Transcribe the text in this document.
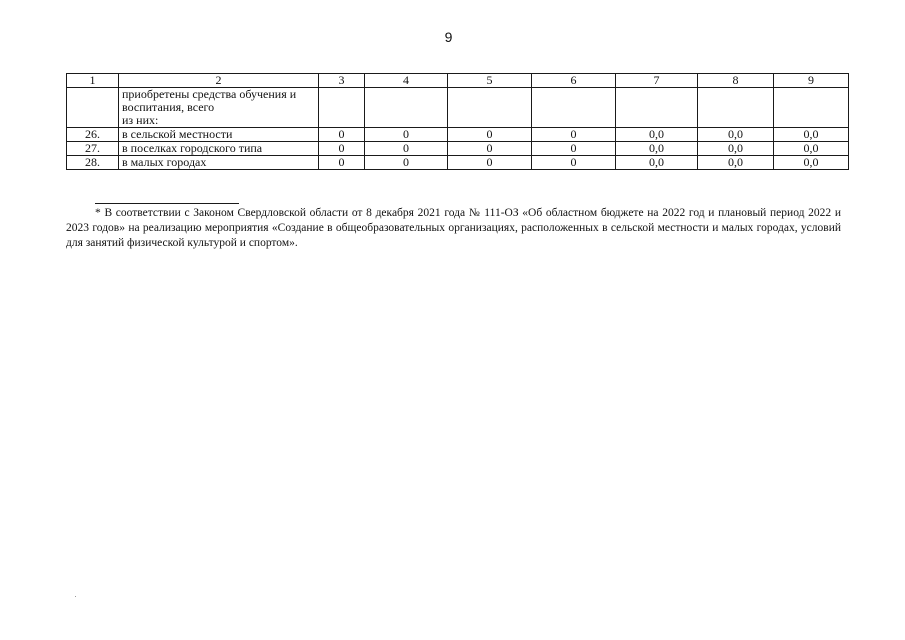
9
1	2	3	4	5	6	7	8	9

	приобретены средства обучения и
воспитания, всего
из них:							

26.	в сельской местности	0	0	0	0	0,0	0,0	0,0
27.	в поселках городского типа	0	0	0	0	0,0	0,0	0,0
28.	в малых городах	0	0	0	0	0,0	0,0	0,0
* В соответствии с Законом Свердловской области от 8 декабря 2021 года № 111-ОЗ «Об областном бюджете на 2022 год и плановый период 2022 и 2023 годов» на реализацию мероприятия «Создание в общеобразовательных организациях, расположенных в сельской местности и малых городах, условий для занятий физической культурой и спортом».
